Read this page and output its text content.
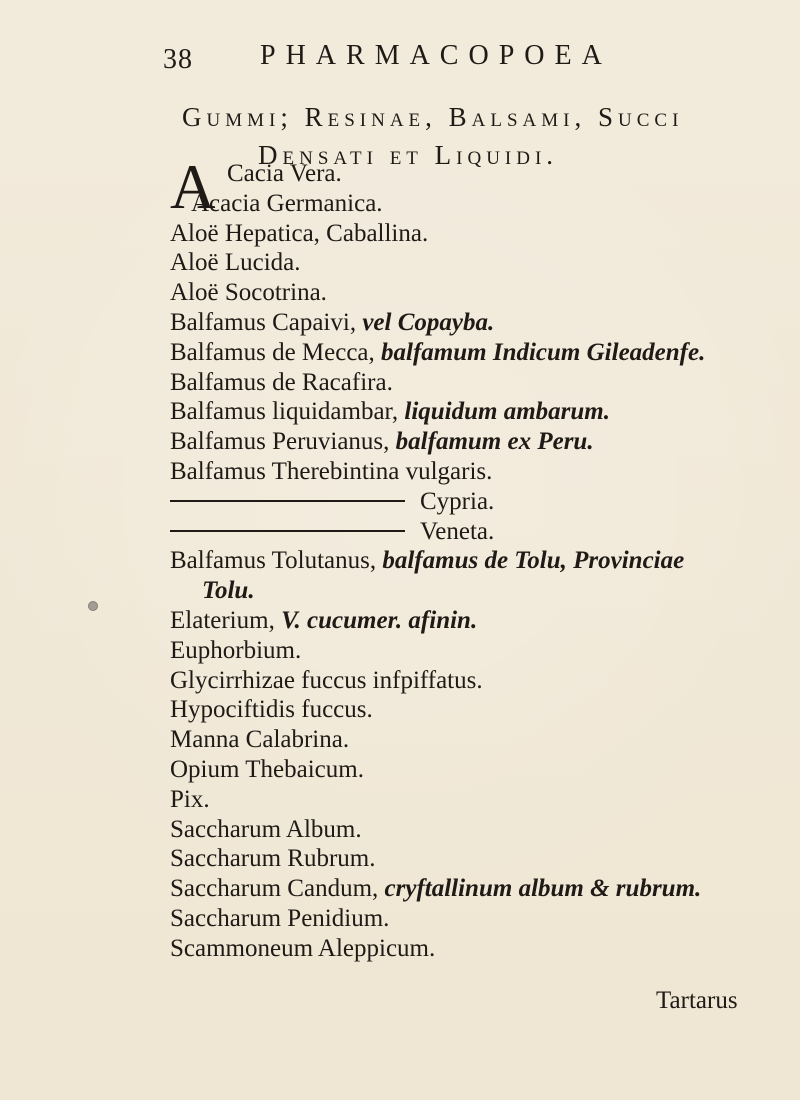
38 PHARMACOPOEA
Gummi; Resinae, Balsami, Succi
Densati et Liquidi.
A Cacia Vera.
Acacia Germanica.
Aloë Hepatica, Caballina.
Aloë Lucida.
Aloë Socotrina.
Balfamus Capaivi, vel Copayba.
Balfamus de Mecca, balfamum Indicum Gileadenfe.
Balfamus de Racafira.
Balfamus liquidambar, liquidum ambarum.
Balfamus Peruvianus, balfamum ex Peru.
Balfamus Therebintina vulgaris.
Cypria.
Veneta.
Balfamus Tolutanus, balfamus de Tolu, Provinciae
Tolu.
Elaterium, V. cucumer. afinin.
Euphorbium.
Glycirrhizae fuccus infpiffatus.
Hypociftidis fuccus.
Manna Calabrina.
Opium Thebaicum.
Pix.
Saccharum Album.
Saccharum Rubrum.
Saccharum Candum, cryftallinum album & rubrum.
Saccharum Penidium.
Scammoneum Aleppicum.
Tartarus
